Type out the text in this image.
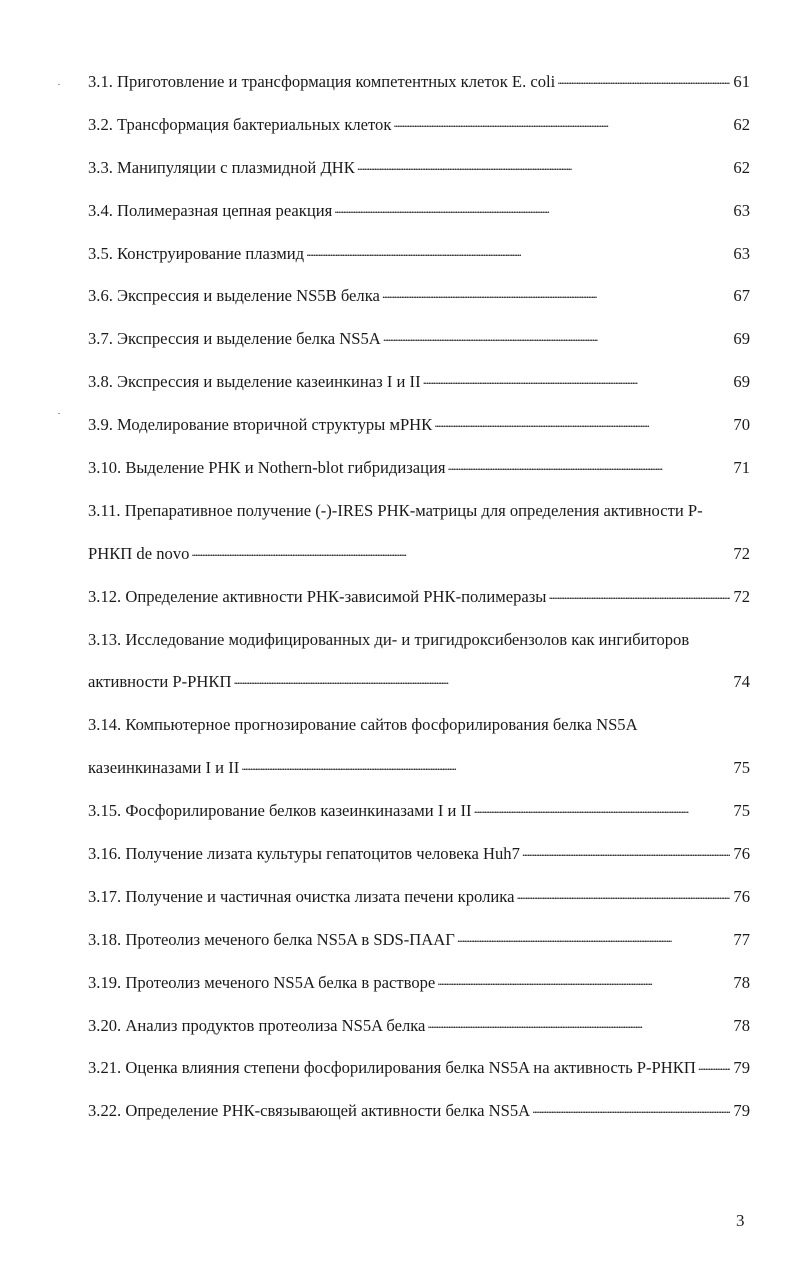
3.1. Приготовление и трансформация компетентных клеток E. coli . . .	61
3.2. Трансформация бактериальных клеток . . .	62
3.3. Манипуляции с плазмидной ДНК . . .	62
3.4. Полимеразная цепная реакция . . .	63
3.5. Конструирование плазмид . . .	63
3.6. Экспрессия и выделение NS5B белка . . .	67
3.7. Экспрессия и выделение белка NS5A . . .	69
3.8. Экспрессия и выделение казеинкиназ I и II . . .	69
3.9. Моделирование вторичной структуры мРНК . . .	70
3.10. Выделение РНК и Nothern-blot гибридизация . . .	71
3.11. Препаративное получение (-)-IRES РНК-матрицы для определения активности Р-
РНКП de novo . . .	72
3.12. Определение активности РНК-зависимой РНК-полимеразы . . .	72
3.13. Исследование модифицированных ди- и тригидроксибензолов как ингибиторов
активности Р-РНКП . . .	74
3.14. Компьютерное прогнозирование сайтов фосфорилирования белка NS5A
казеинкиназами I и II . . .	75
3.15. Фосфорилирование белков казеинкиназами I и II . . .	75
3.16. Получение лизата культуры гепатоцитов человека Huh7 . . .	76
3.17. Получение и частичная очистка лизата печени кролика . . .	76
3.18. Протеолиз меченого белка NS5A в SDS-ПААГ . . .	77
3.19. Протеолиз меченого NS5A белка в растворе . . .	78
3.20. Анализ продуктов протеолиза NS5A белка . . .	78
3.21. Оценка влияния степени фосфорилирования белка NS5A на активность Р-РНКП . . . 79
3.22. Определение РНК-связывающей активности белка NS5A . . .	79
3
